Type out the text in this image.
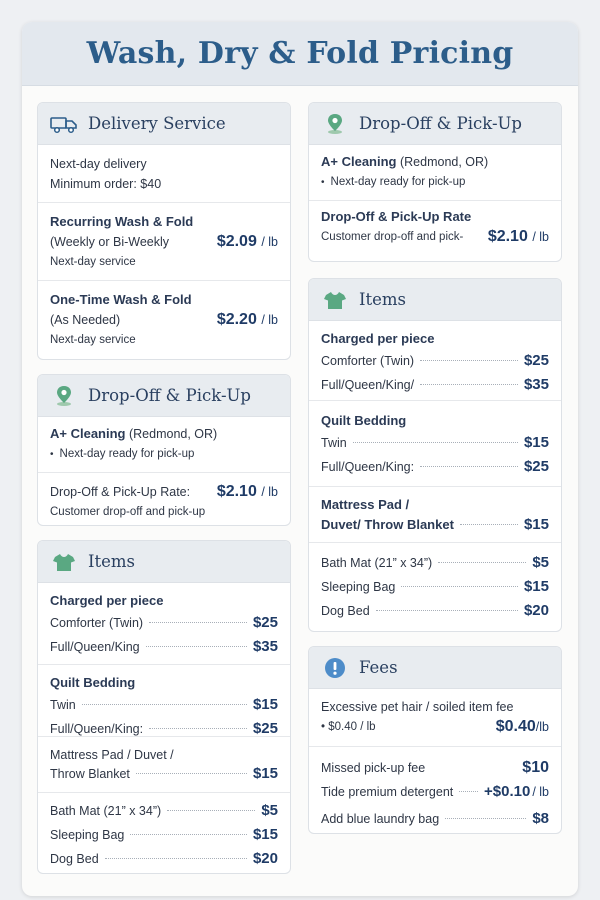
Wash, Dry & Fold Pricing
Delivery Service
Next-day delivery
Minimum order: $40
Recurring Wash & Fold
(Weekly or Bi-Weekly
Next-day service
$2.09 / lb
One-Time Wash & Fold
(As Needed)
Next-day service
$2.20 / lb
Drop-Off & Pick-Up
A+ Cleaning (Redmond, OR)
• Next-day ready for pick-up
Drop-Off & Pick-Up Rate: $2.10 / lb
Customer drop-off and pick-up
Items
Charged per piece
Comforter (Twin)	$25
Full/Queen/King	$35
Quilt Bedding
Twin	$15
Full/Queen/King:	$25
Mattress Pad / Duvet /
Throw Blanket	$15
Bath Mat (21” x 34”)	$5
Sleeping Bag	$15
Dog Bed	$20
Drop-Off & Pick-Up
A+ Cleaning (Redmond, OR)
• Next-day ready for pick-up
Drop-Off & Pick-Up Rate
Customer drop-off and pick- $2.10 / lb
Items
Charged per piece
Comforter (Twin)	$25
Full/Queen/King/	$35
Quilt Bedding
Twin	$15
Full/Queen/King:	$25
Mattress Pad /
Duvet/ Throw Blanket	$15
Bath Mat (21” x 34”)	$5
Sleeping Bag	$15
Dog Bed	$20
Fees
Excessive pet hair / soiled item fee
• $0.40 / lb	$0.40/lb
Missed pick-up fee	$10
Tide premium detergent +$0.10 / lb
Add blue laundry bag	$8
